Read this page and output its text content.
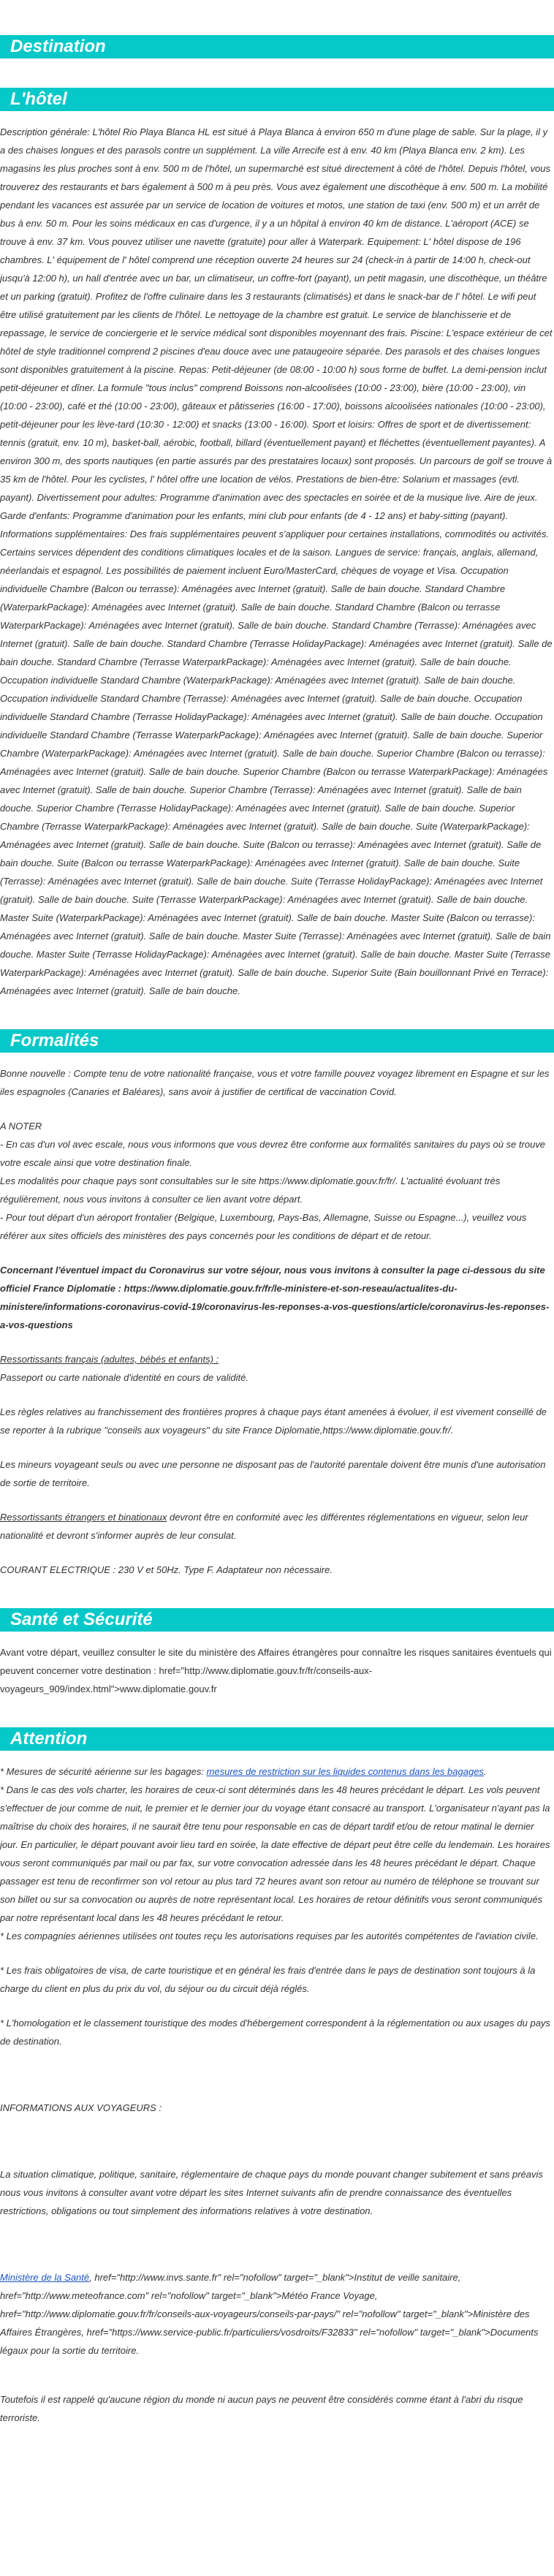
Destination
L'hôtel

Description générale: L'hôtel Rio Playa Blanca HL est situé à Playa Blanca à environ 650 m d'une plage de sable. Sur la plage, il y a des chaises longues et des parasols contre un supplément. La ville Arrecife est à env. 40 km (Playa Blanca env. 2 km). Les magasins les plus proches sont à env. 500 m de l'hôtel, un supermarché est situé directement à côté de l'hôtel. Depuis l'hôtel, vous trouverez des restaurants et bars également à 500 m à peu près. Vous avez également une discothèque à env. 500 m. La mobilité pendant les vacances est assurée par un service de location de voitures et motos, une station de taxi (env. 500 m) et un arrêt de bus à env. 50 m. Pour les soins médicaux en cas d'urgence, il y a un hôpital à environ 40 km de distance. L'aéroport (ACE) se trouve à env. 37 km. Vous pouvez utiliser une navette (gratuite) pour aller à Waterpark. Equipement: L' hôtel dispose de 196 chambres. L' équipement de l' hôtel comprend une réception ouverte 24 heures sur 24 (check-in à partir de 14:00 h, check-out jusqu'à 12:00 h), un hall d'entrée avec un bar, un climatiseur, un coffre-fort (payant), un petit magasin, une discothèque, un théâtre et un parking (gratuit). Profitez de l'offre culinaire dans les 3 restaurants (climatisés) et dans le snack-bar de l' hôtel. Le wifi peut être utilisé gratuitement par les clients de l'hôtel. Le nettoyage de la chambre est gratuit. Le service de blanchisserie et de repassage, le service de conciergerie et le service médical sont disponibles moyennant des frais. Piscine: L'espace extérieur de cet hôtel de style traditionnel comprend 2 piscines d'eau douce avec une pataugeoire séparée. Des parasols et des chaises longues sont disponibles gratuitement à la piscine. Repas: Petit-déjeuner (de 08:00 - 10:00 h) sous forme de buffet. La demi-pension inclut petit-déjeuner et dîner. La formule "tous inclus" comprend Boissons non-alcoolisées (10:00 - 23:00), bière (10:00 - 23:00), vin (10:00 - 23:00), café et thé (10:00 - 23:00), gâteaux et pâtisseries (16:00 - 17:00), boissons alcoolisées nationales (10:00 - 23:00), petit-déjeuner pour les lève-tard (10:30 - 12:00) et snacks (13:00 - 16:00). Sport et loisirs: Offres de sport et de divertissement: tennis (gratuit, env. 10 m), basket-ball, aérobic, football, billard (éventuellement payant) et fléchettes (éventuellement payantes). A environ 300 m, des sports nautiques (en partie assurés par des prestataires locaux) sont proposés. Un parcours de golf se trouve à 35 km de l'hôtel. Pour les cyclistes, l' hôtel offre une location de vélos. Prestations de bien-être: Solarium et massages (evtl. payant). Divertissement pour adultes: Programme d'animation avec des spectacles en soirée et de la musique live. Aire de jeux. Garde d'enfants: Programme d'animation pour les enfants, mini club pour enfants (de 4 - 12 ans) et baby-sitting (payant). Informations supplémentaires: Des frais supplémentaires peuvent s'appliquer pour certaines installations, commodités ou activités. Certains services dépendent des conditions climatiques locales et de la saison. Langues de service: français, anglais, allemand, néerlandais et espagnol. Les possibilités de paiement incluent Euro/MasterCard, chèques de voyage et Visa. Occupation individuelle Chambre (Balcon ou terrasse): Aménagées avec Internet (gratuit). Salle de bain douche. Standard Chambre (WaterparkPackage): Aménagées avec Internet (gratuit). Salle de bain douche. Standard Chambre (Balcon ou terrasse WaterparkPackage): Aménagées avec Internet (gratuit). Salle de bain douche. Standard Chambre (Terrasse): Aménagées avec Internet (gratuit). Salle de bain douche. Standard Chambre (Terrasse HolidayPackage): Aménagées avec Internet (gratuit). Salle de bain douche. Standard Chambre (Terrasse WaterparkPackage): Aménagées avec Internet (gratuit). Salle de bain douche. Occupation individuelle Standard Chambre (WaterparkPackage): Aménagées avec Internet (gratuit). Salle de bain douche. Occupation individuelle Standard Chambre (Terrasse): Aménagées avec Internet (gratuit). Salle de bain douche. Occupation individuelle Standard Chambre (Terrasse HolidayPackage): Aménagées avec Internet (gratuit). Salle de bain douche. Occupation individuelle Standard Chambre (Terrasse WaterparkPackage): Aménagées avec Internet (gratuit). Salle de bain douche. Superior Chambre (WaterparkPackage): Aménagées avec Internet (gratuit). Salle de bain douche. Superior Chambre (Balcon ou terrasse): Aménagées avec Internet (gratuit). Salle de bain douche. Superior Chambre (Balcon ou terrasse WaterparkPackage): Aménagées avec Internet (gratuit). Salle de bain douche. Superior Chambre (Terrasse): Aménagées avec Internet (gratuit). Salle de bain douche. Superior Chambre (Terrasse HolidayPackage): Aménagées avec Internet (gratuit). Salle de bain douche. Superior Chambre (Terrasse WaterparkPackage): Aménagées avec Internet (gratuit). Salle de bain douche. Suite (WaterparkPackage): Aménagées avec Internet (gratuit). Salle de bain douche. Suite (Balcon ou terrasse): Aménagées avec Internet (gratuit). Salle de bain douche. Suite (Balcon ou terrasse WaterparkPackage): Aménagées avec Internet (gratuit). Salle de bain douche. Suite (Terrasse): Aménagées avec Internet (gratuit). Salle de bain douche. Suite (Terrasse HolidayPackage): Aménagées avec Internet (gratuit). Salle de bain douche. Suite (Terrasse WaterparkPackage): Aménagées avec Internet (gratuit). Salle de bain douche. Master Suite (WaterparkPackage): Aménagées avec Internet (gratuit). Salle de bain douche. Master Suite (Balcon ou terrasse): Aménagées avec Internet (gratuit). Salle de bain douche. Master Suite (Terrasse): Aménagées avec Internet (gratuit). Salle de bain douche. Master Suite (Terrasse HolidayPackage): Aménagées avec Internet (gratuit). Salle de bain douche. Master Suite (Terrasse WaterparkPackage): Aménagées avec Internet (gratuit). Salle de bain douche. Superior Suite (Bain bouillonnant Privé en Terrace): Aménagées avec Internet (gratuit). Salle de bain douche.

Formalités

Bonne nouvelle : Compte tenu de votre nationalité française, vous et votre famille pouvez voyagez librement en Espagne et sur les iles espagnoles (Canaries et Baléares), sans avoir à justifier de certificat de vaccination Covid.

A NOTER

- En cas d'un vol avec escale, nous vous informons que vous devrez être conforme aux formalités sanitaires du pays où se trouve votre escale ainsi que votre destination finale.

Les modalités pour chaque pays sont consultables sur le site https://www.diplomatie.gouv.fr/fr/. L'actualité évoluant très régulièrement, nous vous invitons à consulter ce lien avant votre départ.

- Pour tout départ d'un aéroport frontalier (Belgique, Luxembourg, Pays-Bas, Allemagne, Suisse ou Espagne...), veuillez vous référer aux sites officiels des ministères des pays concernés pour les conditions de départ et de retour.

Concernant l'éventuel impact du Coronavirus sur votre séjour, nous vous invitons à consulter la page ci-dessous du site officiel France Diplomatie : https://www.diplomatie.gouv.fr/fr/le-ministere-et-son-reseau/actualites-du-ministere/informations-coronavirus-covid-19/coronavirus-les-reponses-a-vos-questions/article/coronavirus-les-reponses-a-vos-questions

Ressortissants français (adultes, bébés et enfants) :

Passeport ou carte nationale d'identité en cours de validité.

Les règles relatives au franchissement des frontières propres à chaque pays étant amenées à évoluer, il est vivement conseillé de se reporter à la rubrique "conseils aux voyageurs" du site France Diplomatie,https://www.diplomatie.gouv.fr/.

Les mineurs voyageant seuls ou avec une personne ne disposant pas de l'autorité parentale doivent être munis d'une autorisation de sortie de territoire.

Ressortissants étrangers et binationaux devront être en conformité avec les différentes réglementations en vigueur, selon leur nationalité et devront s'informer auprès de leur consulat.

COURANT ELECTRIQUE : 230 V et 50Hz. Type F. Adaptateur non nécessaire.

Santé et Sécurité

Avant votre départ, veuillez consulter le site du ministère des Affaires étrangères pour connaître les risques sanitaires éventuels qui peuvent concerner votre destination : href="http://www.diplomatie.gouv.fr/fr/conseils-aux-voyageurs_909/index.html">www.diplomatie.gouv.fr

Attention

* Mesures de sécurité aérienne sur les bagages: mesures de restriction sur les liquides contenus dans les bagages.

* Dans le cas des vols charter, les horaires de ceux-ci sont déterminés dans les 48 heures précédant le départ. Les vols peuvent s'effectuer de jour comme de nuit, le premier et le dernier jour du voyage étant consacré au transport. L'organisateur n'ayant pas la maîtrise du choix des horaires, il ne saurait être tenu pour responsable en cas de départ tardif et/ou de retour matinal le dernier jour. En particulier, le départ pouvant avoir lieu tard en soirée, la date effective de départ peut être celle du lendemain. Les horaires vous seront communiqués par mail ou par fax, sur votre convocation adressée dans les 48 heures précédant le départ. Chaque passager est tenu de reconfirmer son vol retour au plus tard 72 heures avant son retour au numéro de téléphone se trouvant sur son billet ou sur sa convocation ou auprès de notre représentant local. Les horaires de retour définitifs vous seront communiqués par notre représentant local dans les 48 heures précédant le retour.

* Les compagnies aériennes utilisées ont toutes reçu les autorisations requises par les autorités compétentes de l'aviation civile.

* Les frais obligatoires de visa, de carte touristique et en général les frais d'entrée dans le pays de destination sont toujours à la charge du client en plus du prix du vol, du séjour ou du circuit déjà réglés.

* L'homologation et le classement touristique des modes d'hébergement correspondent à la réglementation ou aux usages du pays de destination.

INFORMATIONS AUX VOYAGEURS :

La situation climatique, politique, sanitaire, réglementaire de chaque pays du monde pouvant changer subitement et sans préavis
nous vous invitons à consulter avant votre départ les sites Internet suivants afin de prendre connaissance des éventuelles restrictions, obligations ou tout simplement des informations relatives à votre destination.

Ministère de la Santé, href="http://www.invs.sante.fr" rel="nofollow" target="_blank">Institut de veille sanitaire, href="http://www.meteofrance.com" rel="nofollow" target="_blank">Météo France Voyage, href="http://www.diplomatie.gouv.fr/fr/conseils-aux-voyageurs/conseils-par-pays/" rel="nofollow" target="_blank">Ministère des Affaires Étrangères, href="https://www.service-public.fr/particuliers/vosdroits/F32833" rel="nofollow" target="_blank">Documents légaux pour la sortie du territoire.

Toutefois il est rappelé qu'aucune région du monde ni aucun pays ne peuvent être considérés comme étant à l'abri du risque terroriste.
